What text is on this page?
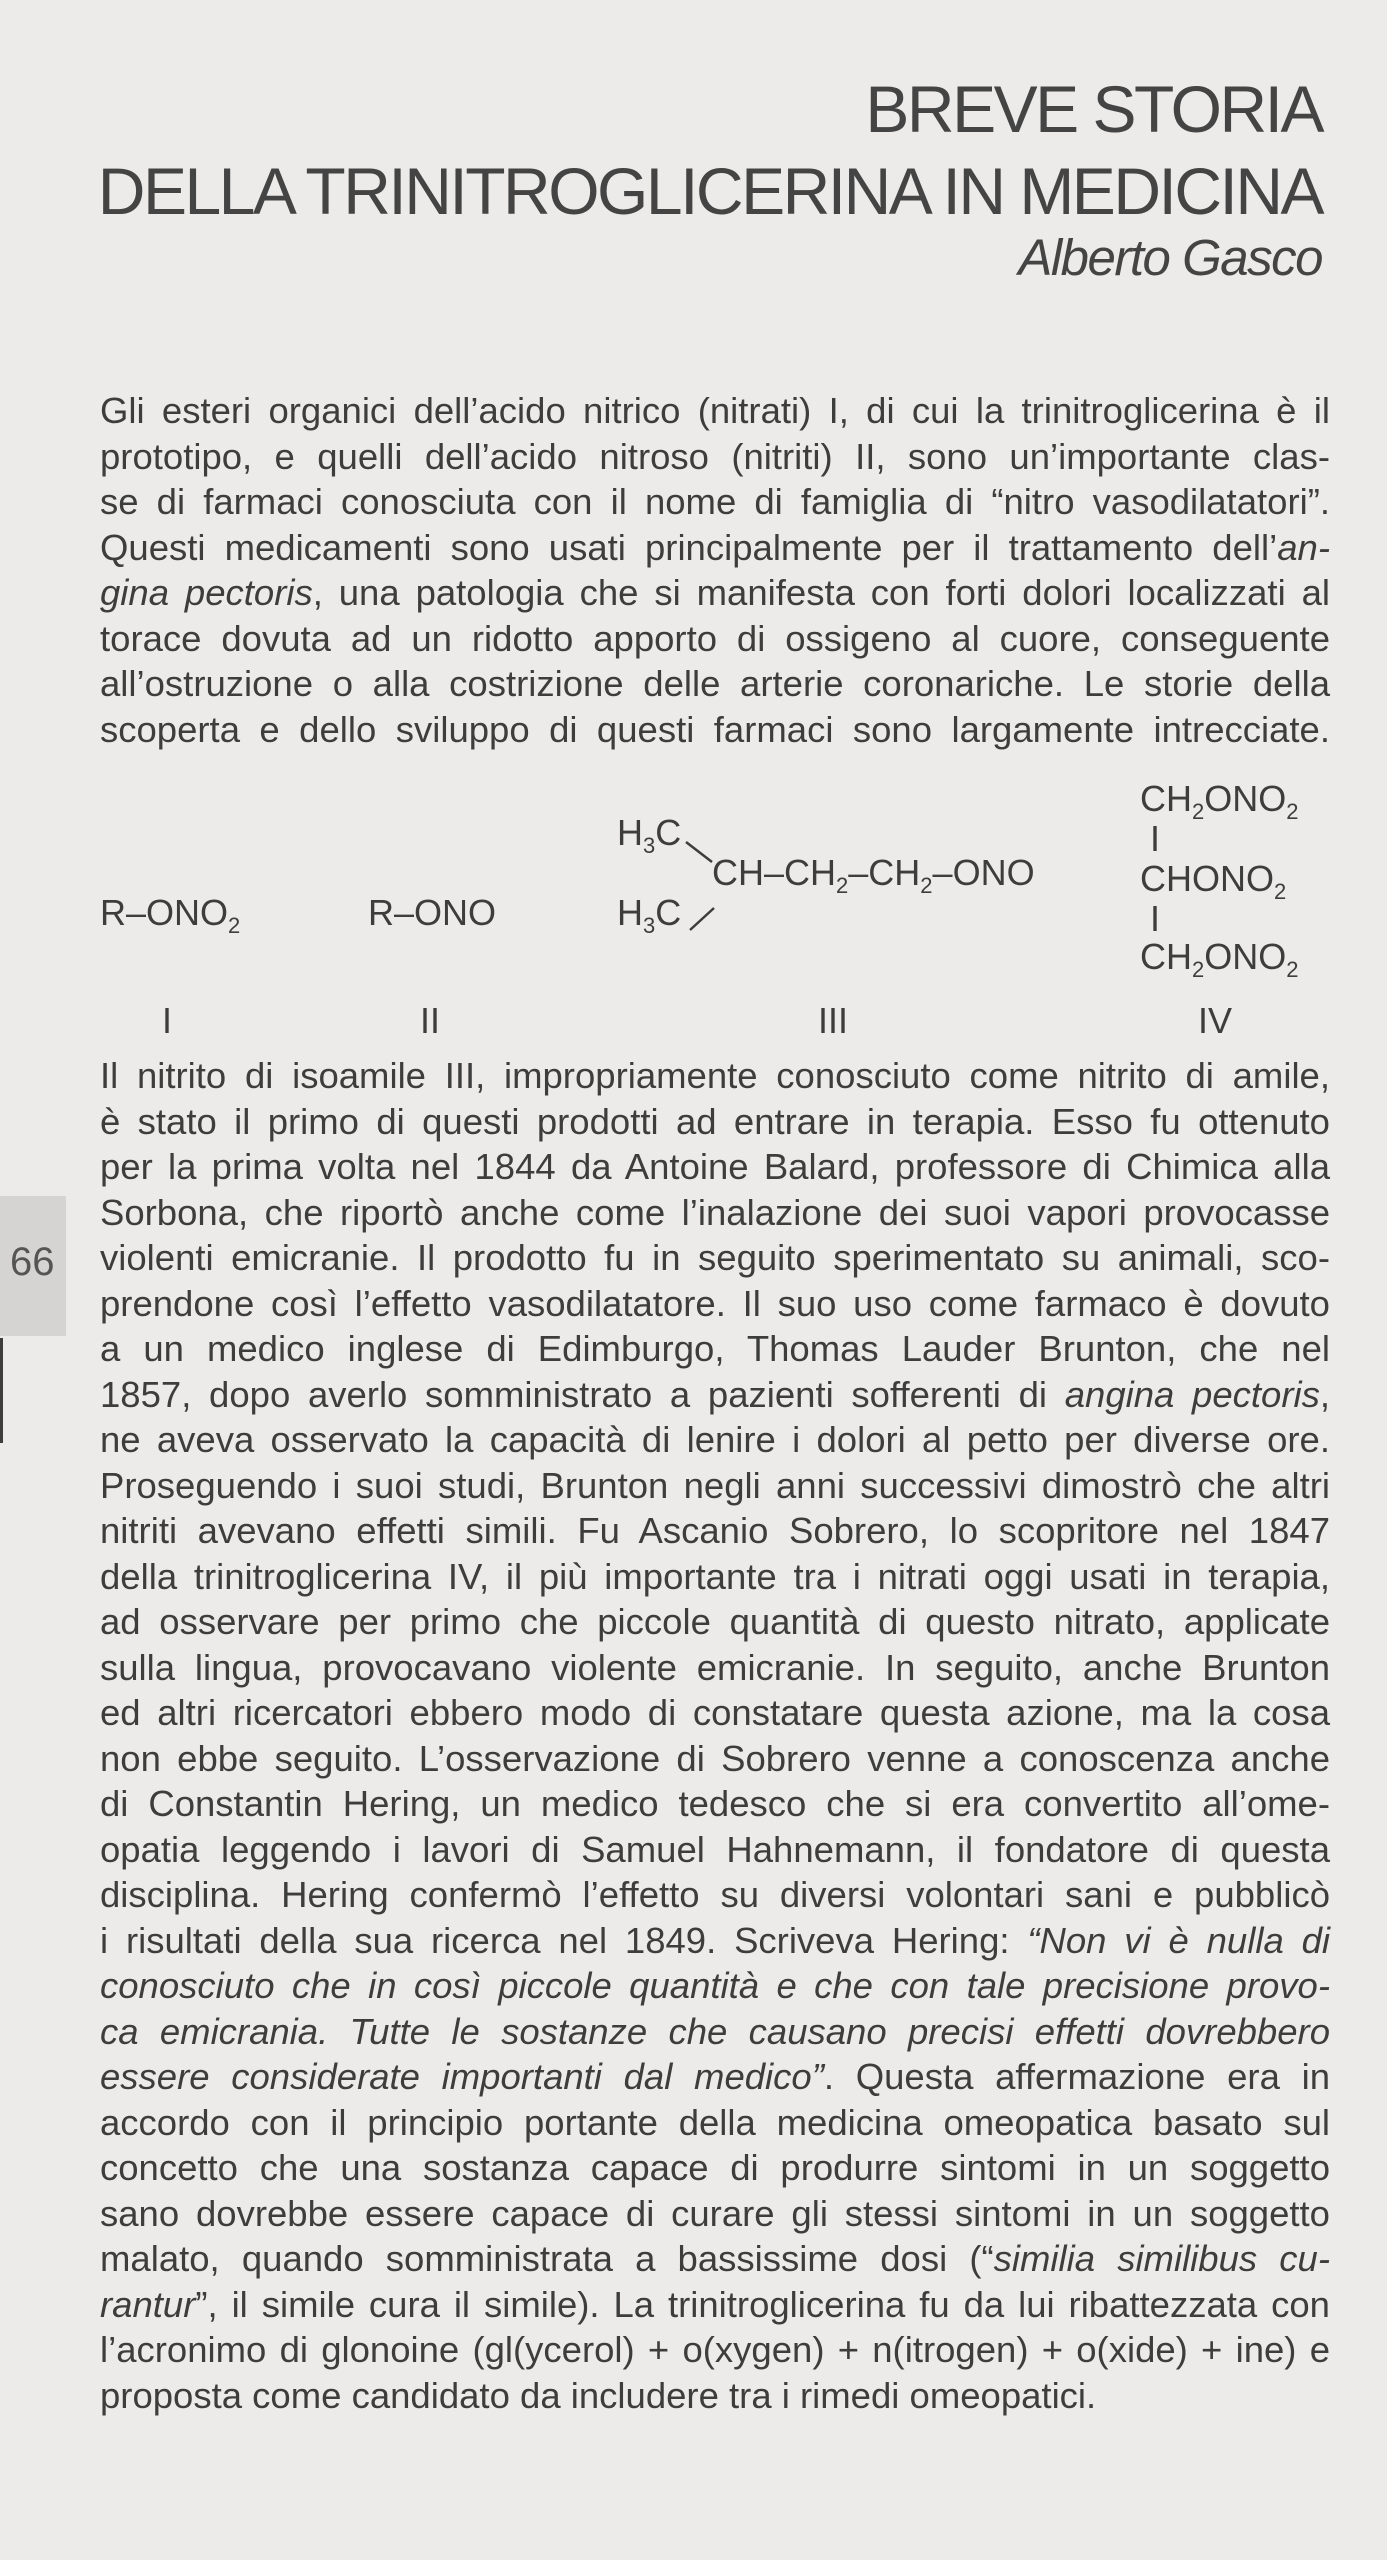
BREVE STORIA
DELLA TRINITROGLICERINA IN MEDICINA
Alberto Gasco
Gli esteri organici dell’acido nitrico (nitrati) I, di cui la trinitroglicerina è il
prototipo, e quelli dell’acido nitroso (nitriti) II, sono un’importante clas-
se di farmaci conosciuta con il nome di famiglia di “nitro vasodilatatori”.
Questi medicamenti sono usati principalmente per il trattamento dell’an-
gina pectoris, una patologia che si manifesta con forti dolori localizzati al
torace dovuta ad un ridotto apporto di ossigeno al cuore, conseguente
all’ostruzione o alla costrizione delle arterie coronariche. Le storie della
scoperta e dello sviluppo di questi farmaci sono largamente intrecciate.
$R-ONO_2$	R–ONO
$H_3C$
$H_3C$
$CH-CH_2-CH_2$–ONO
$CH_2ONO_2$
I
$CHONO_2$
I
$CH_2ONO_2$
I	II	III	IV
Il nitrito di isoamile III, impropriamente conosciuto come nitrito di amile,
è stato il primo di questi prodotti ad entrare in terapia. Esso fu ottenuto
per la prima volta nel 1844 da Antoine Balard, professore di Chimica alla
Sorbona, che riportò anche come l’inalazione dei suoi vapori provocasse
violenti emicranie. Il prodotto fu in seguito sperimentato su animali, sco-
prendone così l’effetto vasodilatatore. Il suo uso come farmaco è dovuto
a un medico inglese di Edimburgo, Thomas Lauder Brunton, che nel
1857, dopo averlo somministrato a pazienti sofferenti di angina pectoris,
ne aveva osservato la capacità di lenire i dolori al petto per diverse ore.
Proseguendo i suoi studi, Brunton negli anni successivi dimostrò che altri
nitriti avevano effetti simili. Fu Ascanio Sobrero, lo scopritore nel 1847
della trinitroglicerina IV, il più importante tra i nitrati oggi usati in terapia,
ad osservare per primo che piccole quantità di questo nitrato, applicate
sulla lingua, provocavano violente emicranie. In seguito, anche Brunton
ed altri ricercatori ebbero modo di constatare questa azione, ma la cosa
non ebbe seguito. L’osservazione di Sobrero venne a conoscenza anche
di Constantin Hering, un medico tedesco che si era convertito all’ome-
opatia leggendo i lavori di Samuel Hahnemann, il fondatore di questa
disciplina. Hering confermò l’effetto su diversi volontari sani e pubblicò
i risultati della sua ricerca nel 1849. Scriveva Hering: “Non vi è nulla di
conosciuto che in così piccole quantità e che con tale precisione provo-
ca emicrania. Tutte le sostanze che causano precisi effetti dovrebbero
essere considerate importanti dal medico”. Questa affermazione era in
accordo con il principio portante della medicina omeopatica basato sul
concetto che una sostanza capace di produrre sintomi in un soggetto
sano dovrebbe essere capace di curare gli stessi sintomi in un soggetto
malato, quando somministrata a bassissime dosi (“similia similibus cu-
rantur”, il simile cura il simile). La trinitroglicerina fu da lui ribattezzata con
l’acronimo di glonoine (gl(ycerol) + o(xygen) + n(itrogen) + o(xide) + ine) e
proposta come candidato da includere tra i rimedi omeopatici.
66
